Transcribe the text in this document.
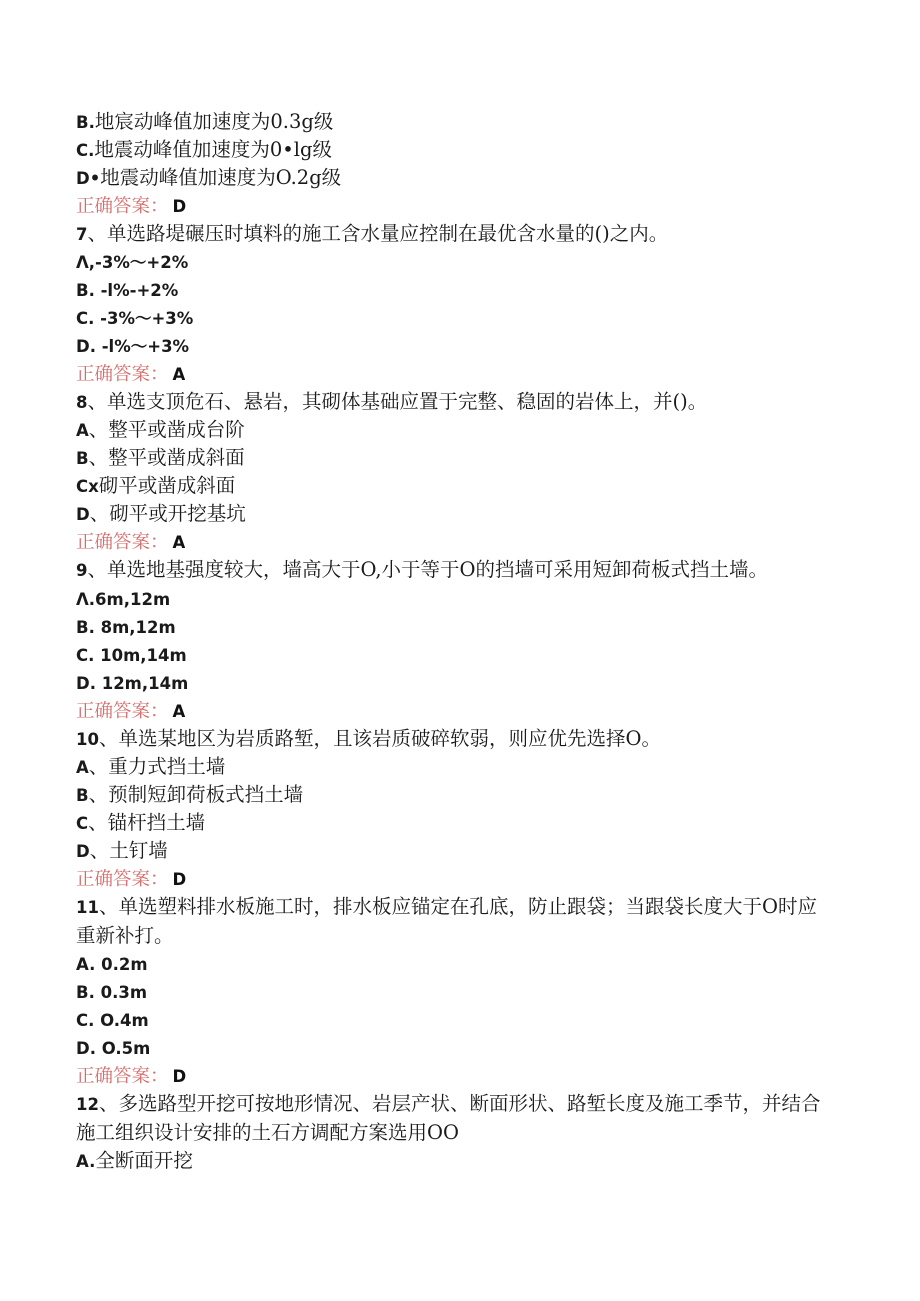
B.地宸动峰值加速度为0.3g级
C.地震动峰值加速度为0•lg级
D•地震动峰值加速度为O.2g级
正确答案： D
7、单选路堤碾压时填料的施工含水量应控制在最优含水量的()之内。
Λ,-3%〜+2%
B. -l%-+2%
C. -3%〜+3%
D. -l%〜+3%
正确答案： A
8、单选支顶危石、悬岩，其砌体基础应置于完整、稳固的岩体上，并()。
A、整平或凿成台阶
B、整平或凿成斜面
Cx砌平或凿成斜面
D、砌平或开挖基坑
正确答案： A
9、单选地基强度较大，墙高大于O,小于等于O的挡墙可采用短卸荷板式挡土墙。
Λ.6m,12m
B. 8m,12m
C. 10m,14m
D. 12m,14m
正确答案： A
10、单选某地区为岩质路堑，且该岩质破碎软弱，则应优先选择O。
A、重力式挡土墙
B、预制短卸荷板式挡土墙
C、锚杆挡土墙
D、土钉墙
正确答案： D
11、单选塑料排水板施工时，排水板应锚定在孔底，防止跟袋；当跟袋长度大于O时应重新补打。
A. 0.2m
B. 0.3m
C. O.4m
D. O.5m
正确答案： D
12、多选路型开挖可按地形情况、岩层产状、断面形状、路堑长度及施工季节，并结合施工组织设计安排的土石方调配方案选用OO
A.全断面开挖
